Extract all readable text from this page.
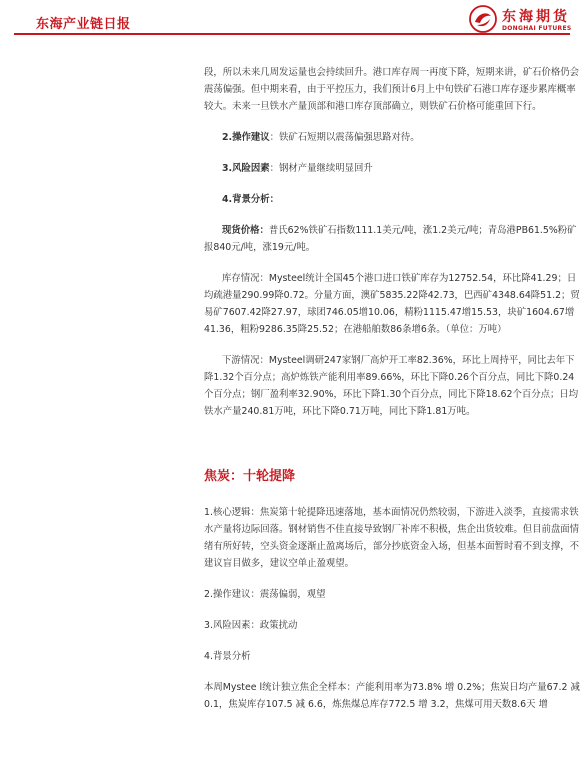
东海产业链日报	东海期货
DONGHAI FUTURES

段，所以未来几周发运量也会持续回升。港口库存周一再度下降，短期来讲，矿石价格仍会震荡偏强。但中期来看，由于平控压力，我们预计6月上中旬铁矿石港口库存逐步累库概率较大。未来一旦铁水产量顶部和港口库存顶部确立，则铁矿石价格可能重回下行。

2.操作建议：铁矿石短期以震荡偏强思路对待。

3.风险因素：钢材产量继续明显回升

4.背景分析：

现货价格：普氏62%铁矿石指数111.1美元/吨，涨1.2美元/吨；青岛港PB61.5%粉矿报840元/吨，涨19元/吨。

库存情况：Mysteel统计全国45个港口进口铁矿库存为12752.54，环比降41.29；日均疏港量290.99降0.72。分量方面，澳矿5835.22降42.73，巴西矿4348.64降51.2；贸易矿7607.42降27.97，球团746.05增10.06，精粉1115.47增15.53，块矿1604.67增41.36，粗粉9286.35降25.52；在港船舶数86条增6条。（单位：万吨）

下游情况：Mysteel调研247家钢厂高炉开工率82.36%，环比上周持平，同比去年下降1.32个百分点；高炉炼铁产能利用率89.66%，环比下降0.26个百分点，同比下降0.24个百分点；钢厂盈利率32.90%，环比下降1.30个百分点，同比下降18.62个百分点；日均铁水产量240.81万吨，环比下降0.71万吨，同比下降1.81万吨。

焦炭：十轮提降

1.核心逻辑：焦炭第十轮提降迅速落地，基本面情况仍然较弱，下游进入淡季，直接需求铁水产量将边际回落。钢材销售不佳直接导致钢厂补库不积极，焦企出货较难。但目前盘面情绪有所好转，空头资金逐渐止盈离场后，部分抄底资金入场，但基本面暂时看不到支撑，不建议盲目做多，建议空单止盈观望。

2.操作建议：震荡偏弱，观望

3.风险因素：政策扰动

4.背景分析

本周Mystee l统计独立焦企全样本：产能利用率为73.8% 增 0.2%；焦炭日均产量67.2 减 0.1，焦炭库存107.5 减 6.6，炼焦煤总库存772.5 增 3.2，焦煤可用天数8.6天 增
